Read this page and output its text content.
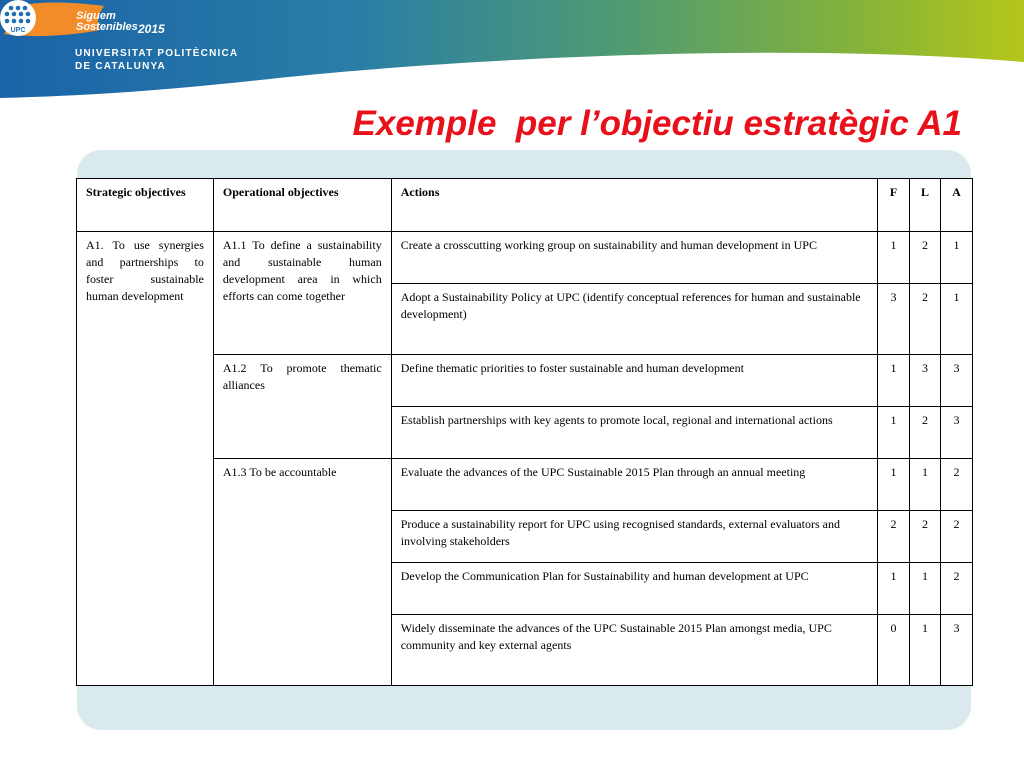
Siguem
Sostenibles 2015
UPC
UNIVERSITAT POLITÈCNICA
DE CATALUNYA
Exemple  per l’objectiu estratègic A1
Strategic objectives	Operational objectives	Actions	F	L	A
A1. To use synergies and partnerships to foster sustainable human development	A1.1 To define a sustainability and sustainable human development area in which efforts can come together	Create a crosscutting working group on sustainability and human development in UPC	1	2	1
		Adopt a Sustainability Policy at UPC (identify conceptual references for human and sustainable development)	3	2	1
	A1.2 To promote thematic alliances	Define thematic priorities to foster sustainable and human development	1	3	3
		Establish partnerships with key agents to promote local, regional and international actions	1	2	3
	A1.3 To be accountable	Evaluate the advances of the UPC Sustainable 2015 Plan through an annual meeting	1	1	2
		Produce a sustainability report for UPC using recognised standards, external evaluators and involving stakeholders	2	2	2
		Develop the Communication Plan for Sustainability and human development at UPC	1	1	2
		Widely disseminate the advances of the UPC Sustainable 2015 Plan amongst media, UPC community and key external agents	0	1	3
